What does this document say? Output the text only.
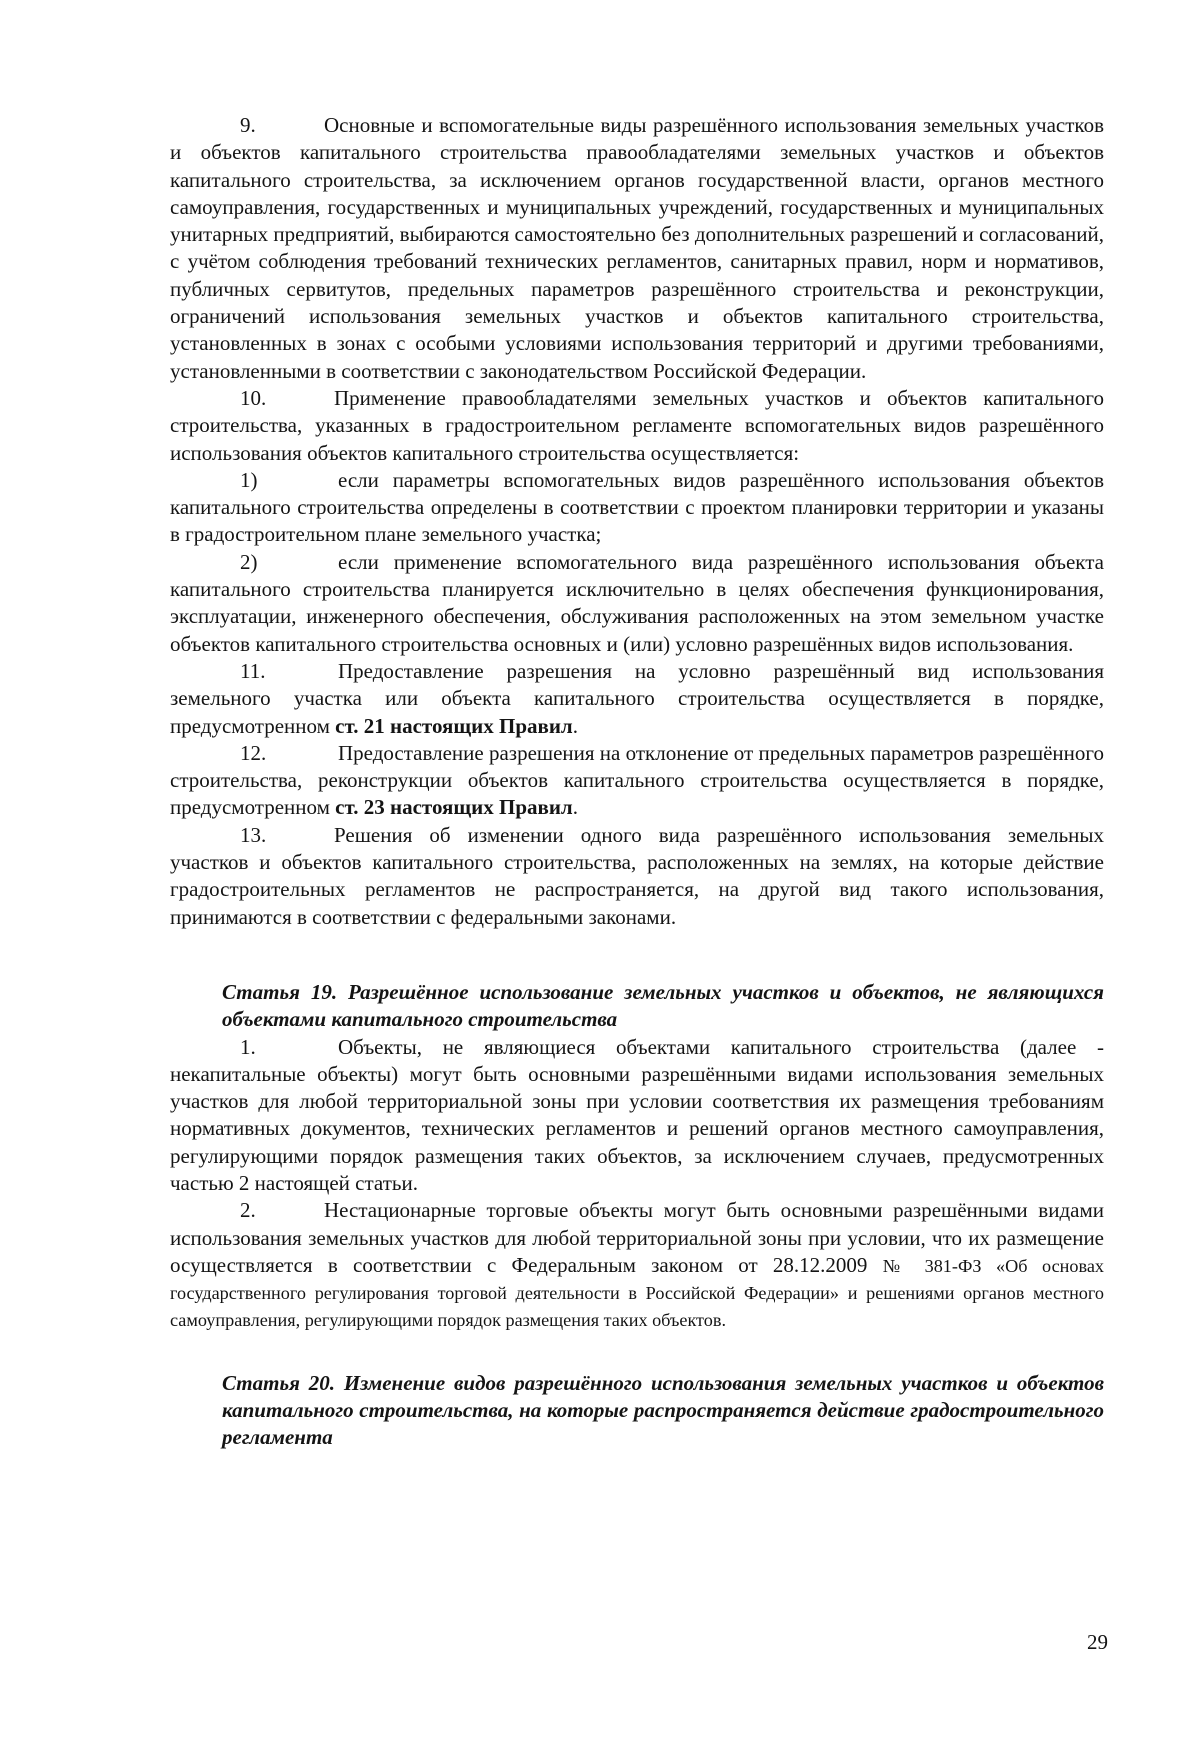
9.	Основные и вспомогательные виды разрешённого использования земельных участков и объектов капитального строительства правообладателями земельных участков и объектов капитального строительства, за исключением органов государственной власти, органов местного самоуправления, государственных и муниципальных учреждений, государственных и муниципальных унитарных предприятий, выбираются самостоятельно без дополнительных разрешений и согласований, с учётом соблюдения требований технических регламентов, санитарных правил, норм и нормативов, публичных сервитутов, предельных параметров разрешённого строительства и реконструкции, ограничений использования земельных участков и объектов капитального строительства, установленных в зонах с особыми условиями использования территорий и другими требованиями, установленными в соответствии с законодательством Российской Федерации.

10.	Применение правообладателями земельных участков и объектов капитального строительства, указанных в градостроительном регламенте вспомогательных видов разрешённого использования объектов капитального строительства осуществляется:

1)	если параметры вспомогательных видов разрешённого использования объектов капитального строительства определены в соответствии с проектом планировки территории и указаны в градостроительном плане земельного участка;

2)	если применение вспомогательного вида разрешённого использования объекта капитального строительства планируется исключительно в целях обеспечения функционирования, эксплуатации, инженерного обеспечения, обслуживания расположенных на этом земельном участке объектов капитального строительства основных и (или) условно разрешённых видов использования.

11.	Предоставление разрешения на условно разрешённый вид использования земельного участка или объекта капитального строительства осуществляется в порядке, предусмотренном ст. 21 настоящих Правил.

12.	Предоставление разрешения на отклонение от предельных параметров разрешённого строительства, реконструкции объектов капитального строительства осуществляется в порядке, предусмотренном ст. 23 настоящих Правил.

13.	Решения об изменении одного вида разрешённого использования земельных участков и объектов капитального строительства, расположенных на землях, на которые действие градостроительных регламентов не распространяется, на другой вид такого использования, принимаются в соответствии с федеральными законами.

Статья 19. Разрешённое использование земельных участков и объектов, не являющихся объектами капитального строительства

1.	Объекты, не являющиеся объектами капитального строительства (далее - некапитальные объекты) могут быть основными разрешёнными видами использования земельных участков для любой территориальной зоны при условии соответствия их размещения требованиям нормативных документов, технических регламентов и решений органов местного самоуправления, регулирующими порядок размещения таких объектов, за исключением случаев, предусмотренных частью 2 настоящей статьи.

2.	Нестационарные торговые объекты могут быть основными разрешёнными видами использования земельных участков для любой территориальной зоны при условии, что их размещение осуществляется в соответствии с Федеральным законом от 28.12.2009 № 381-ФЗ «Об основах государственного регулирования торговой деятельности в Российской Федерации» и решениями органов местного самоуправления, регулирующими порядок размещения таких объектов.

Статья 20. Изменение видов разрешённого использования земельных участков и объектов капитального строительства, на которые распространяется действие градостроительного регламента

29
